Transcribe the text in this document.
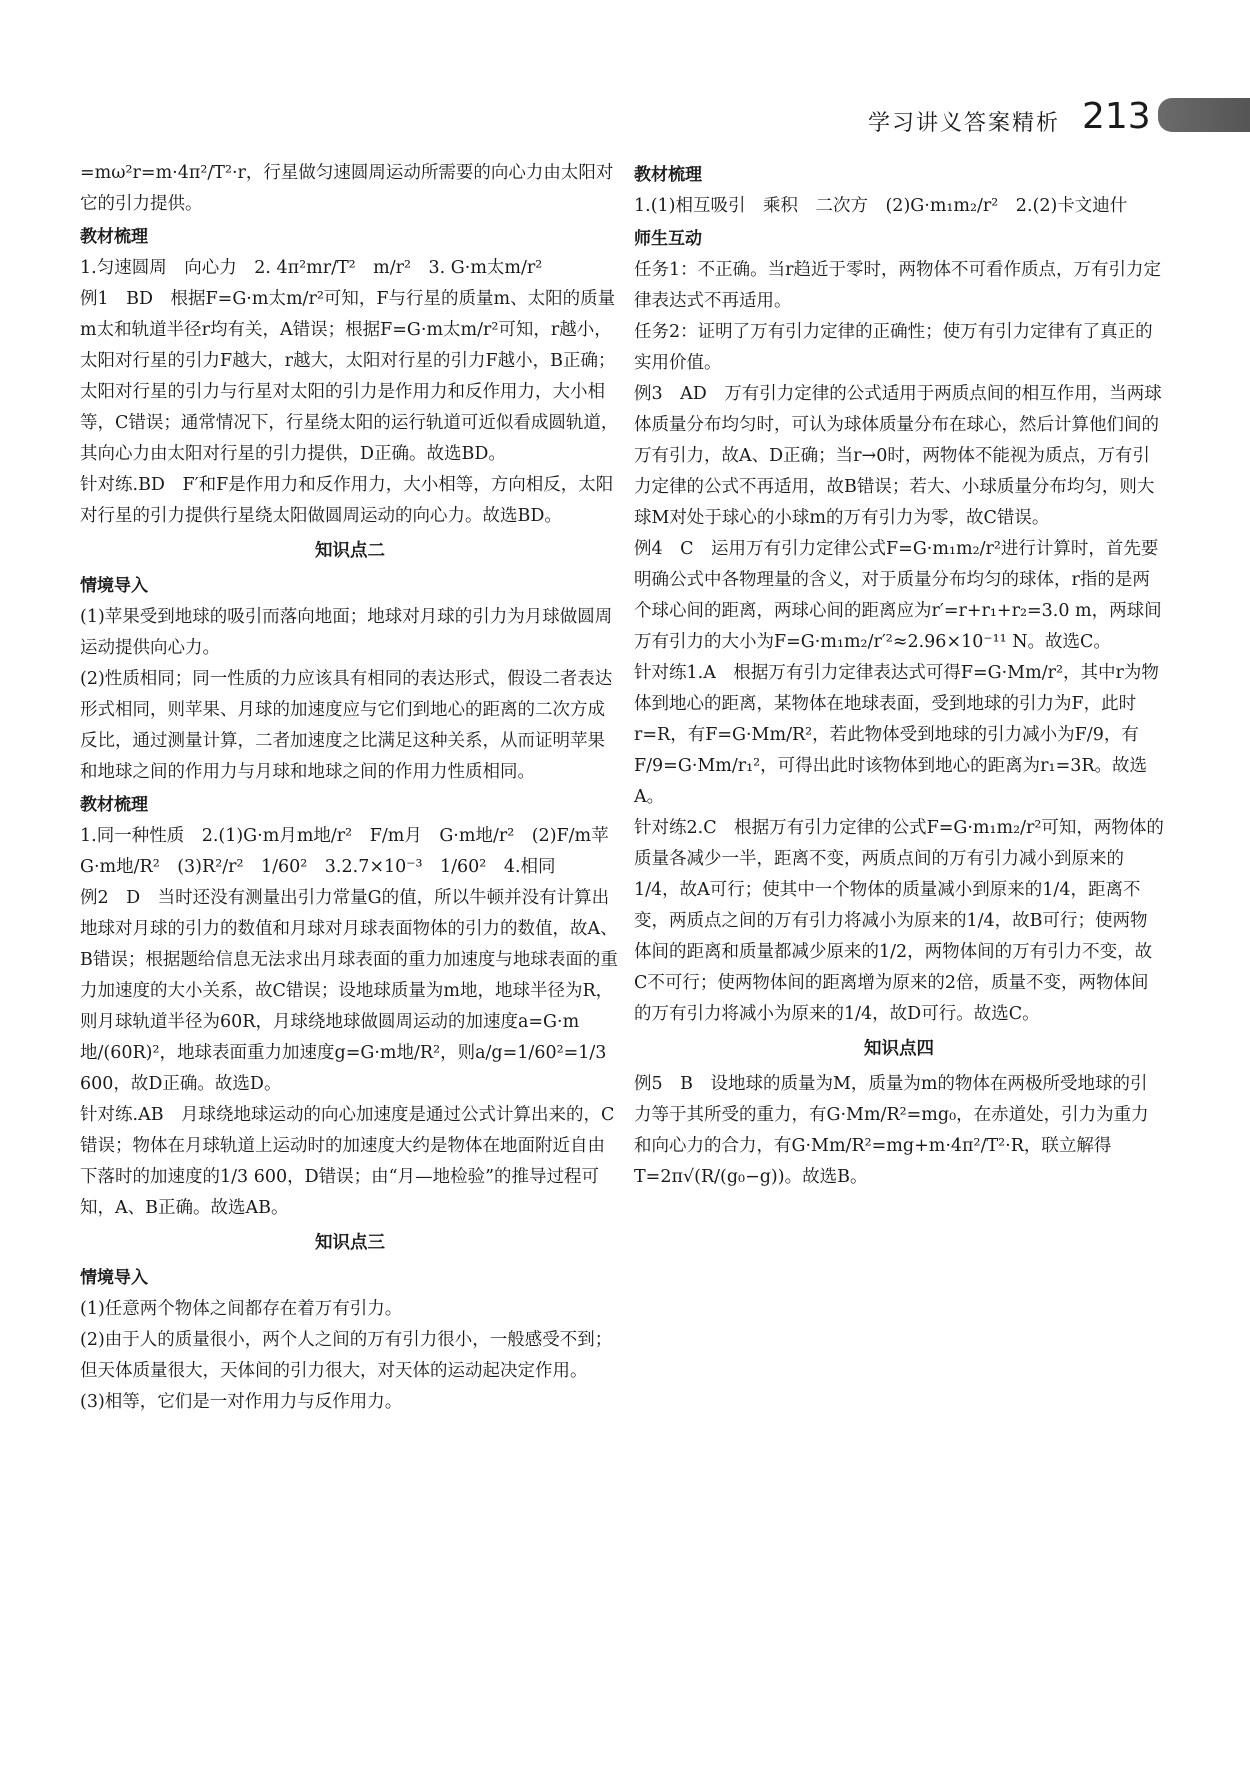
学习讲义答案精析 213

=mω²r=m·4π²/T²·r，行星做匀速圆周运动所需要的向心力由太阳对它的引力提供。

教材梳理

1.匀速圆周　向心力　2. 4π²mr/T²　m/r²　3. G·m太m/r²

例1　BD　根据F=G·m太m/r²可知，F与行星的质量m、太阳的质量m太和轨道半径r均有关，A错误；根据F=G·m太m/r²可知，r越小，太阳对行星的引力F越大，r越大，太阳对行星的引力F越小，B正确；太阳对行星的引力与行星对太阳的引力是作用力和反作用力，大小相等，C错误；通常情况下，行星绕太阳的运行轨道可近似看成圆轨道，其向心力由太阳对行星的引力提供，D正确。故选BD。

针对练.BD　F′和F是作用力和反作用力，大小相等，方向相反，太阳对行星的引力提供行星绕太阳做圆周运动的向心力。故选BD。

知识点二

情境导入

(1)苹果受到地球的吸引而落向地面；地球对月球的引力为月球做圆周运动提供向心力。

(2)性质相同；同一性质的力应该具有相同的表达形式，假设二者表达形式相同，则苹果、月球的加速度应与它们到地心的距离的二次方成反比，通过测量计算，二者加速度之比满足这种关系，从而证明苹果和地球之间的作用力与月球和地球之间的作用力性质相同。

教材梳理

1.同一种性质　2.(1)G·m月m地/r²　F/m月　G·m地/r²　(2)F/m苹　G·m地/R²　(3)R²/r²　1/60²　3.2.7×10⁻³　1/60²　4.相同

例2　D　当时还没有测量出引力常量G的值，所以牛顿并没有计算出地球对月球的引力的数值和月球对月球表面物体的引力的数值，故A、B错误；根据题给信息无法求出月球表面的重力加速度与地球表面的重力加速度的大小关系，故C错误；设地球质量为m地，地球半径为R，则月球轨道半径为60R，月球绕地球做圆周运动的加速度a=G·m地/(60R)²，地球表面重力加速度g=G·m地/R²，则a/g=1/60²=1/3 600，故D正确。故选D。

针对练.AB　月球绕地球运动的向心加速度是通过公式计算出来的，C错误；物体在月球轨道上运动时的加速度大约是物体在地面附近自由下落时的加速度的1/3 600，D错误；由“月—地检验”的推导过程可知，A、B正确。故选AB。

知识点三

情境导入

(1)任意两个物体之间都存在着万有引力。

(2)由于人的质量很小，两个人之间的万有引力很小，一般感受不到；但天体质量很大，天体间的引力很大，对天体的运动起决定作用。

(3)相等，它们是一对作用力与反作用力。

教材梳理

1.(1)相互吸引　乘积　二次方　(2)G·m₁m₂/r²　2.(2)卡文迪什

师生互动

任务1：不正确。当r趋近于零时，两物体不可看作质点，万有引力定律表达式不再适用。

任务2：证明了万有引力定律的正确性；使万有引力定律有了真正的实用价值。

例3　AD　万有引力定律的公式适用于两质点间的相互作用，当两球体质量分布均匀时，可认为球体质量分布在球心，然后计算他们间的万有引力，故A、D正确；当r→0时，两物体不能视为质点，万有引力定律的公式不再适用，故B错误；若大、小球质量分布均匀，则大球M对处于球心的小球m的万有引力为零，故C错误。

例4　C　运用万有引力定律公式F=G·m₁m₂/r²进行计算时，首先要明确公式中各物理量的含义，对于质量分布均匀的球体，r指的是两个球心间的距离，两球心间的距离应为r′=r+r₁+r₂=3.0 m，两球间万有引力的大小为F=G·m₁m₂/r′²≈2.96×10⁻¹¹ N。故选C。

针对练1.A　根据万有引力定律表达式可得F=G·Mm/r²，其中r为物体到地心的距离，某物体在地球表面，受到地球的引力为F，此时r=R，有F=G·Mm/R²，若此物体受到地球的引力减小为F/9，有F/9=G·Mm/r₁²，可得出此时该物体到地心的距离为r₁=3R。故选A。

针对练2.C　根据万有引力定律的公式F=G·m₁m₂/r²可知，两物体的质量各减少一半，距离不变，两质点间的万有引力减小到原来的1/4，故A可行；使其中一个物体的质量减小到原来的1/4，距离不变，两质点之间的万有引力将减小为原来的1/4，故B可行；使两物体间的距离和质量都减少原来的1/2，两物体间的万有引力不变，故C不可行；使两物体间的距离增为原来的2倍，质量不变，两物体间的万有引力将减小为原来的1/4，故D可行。故选C。

知识点四

例5　B　设地球的质量为M，质量为m的物体在两极所受地球的引力等于其所受的重力，有G·Mm/R²=mg₀，在赤道处，引力为重力和向心力的合力，有G·Mm/R²=mg+m·4π²/T²·R，联立解得T=2π√(R/(g₀−g))。故选B。
